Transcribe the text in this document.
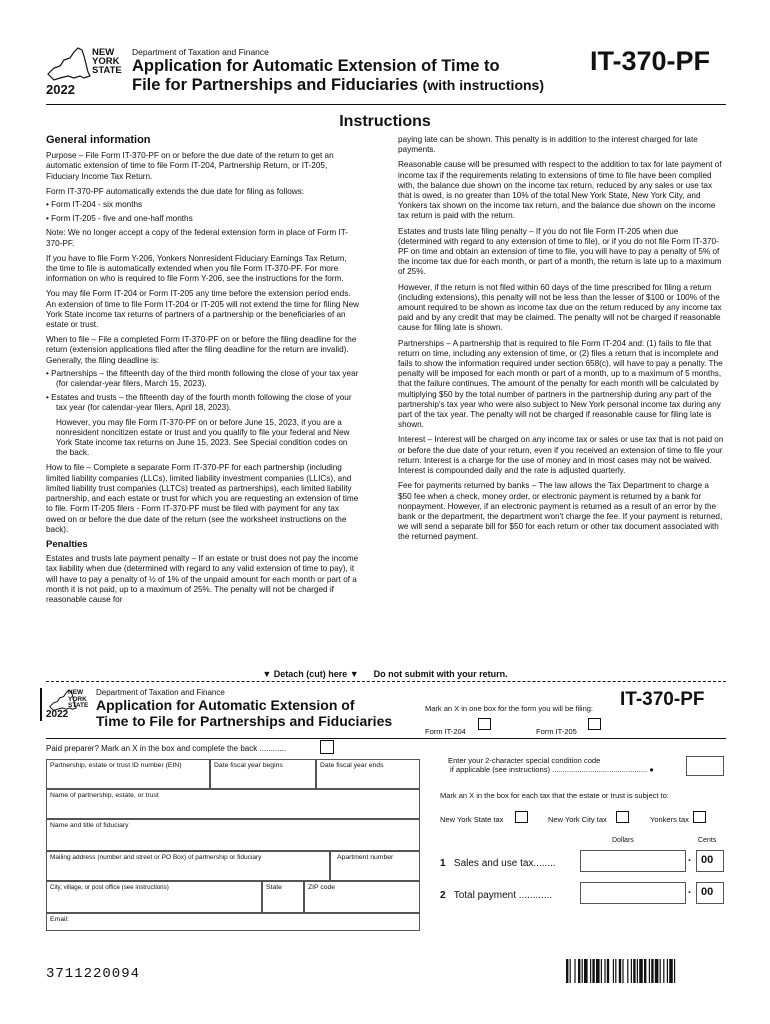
NEW YORK STATE
2022
Department of Taxation and Finance
Application for Automatic Extension of Time to
File for Partnerships and Fiduciaries (with instructions)
IT-370-PF
Instructions
General information

Purpose – File Form IT-370-PF on or before the due date of the return to get an automatic extension of time to file Form IT-204, Partnership Return, or IT-205, Fiduciary Income Tax Return.

Form IT-370-PF automatically extends the due date for filing as follows:

• Form IT-204 - six months
• Form IT-205 - five and one-half months

Note: We no longer accept a copy of the federal extension form in place of Form IT-370-PF.

If you have to file Form Y-206, Yonkers Nonresident Fiduciary Earnings Tax Return, the time to file is automatically extended when you file Form IT-370-PF. For more information on who is required to file Form Y-206, see the instructions for the form.

You may file Form IT-204 or Form IT-205 any time before the extension period ends. An extension of time to file Form IT-204 or IT-205 will not extend the time for filing New York State income tax returns of partners of a partnership or the beneficiaries of an estate or trust.

When to file – File a completed Form IT-370-PF on or before the filing deadline for the return (extension applications filed after the filing deadline for the return are invalid). Generally, the filing deadline is:

• Partnerships – the fifteenth day of the third month following the close of your tax year (for calendar-year filers, March 15, 2023).
• Estates and trusts – the fifteenth day of the fourth month following the close of your tax year (for calendar-year filers, April 18, 2023).

However, you may file Form IT-370-PF on or before June 15, 2023, if you are a nonresident noncitizen estate or trust and you qualify to file your federal and New York State income tax returns on June 15, 2023. See Special condition codes on the back.

How to file – Complete a separate Form IT-370-PF for each partnership (including limited liability companies (LLCs), limited liability investment companies (LLICs), and limited liability trust companies (LLTCs) treated as partnerships), each limited liability partnership, and each estate or trust for which you are requesting an extension of time to file. Form IT-205 filers - Form IT-370-PF must be filed with payment for any tax owed on or before the due date of the return (see the worksheet instructions on the back).

Penalties

Estates and trusts late payment penalty – If an estate or trust does not pay the income tax liability when due (determined with regard to any valid extension of time to pay), it will have to pay a penalty of ½ of 1% of the unpaid amount for each month or part of a month it is not paid, up to a maximum of 25%. The penalty will not be charged if reasonable cause for

paying late can be shown. This penalty is in addition to the interest charged for late payments.

Reasonable cause will be presumed with respect to the addition to tax for late payment of income tax if the requirements relating to extensions of time to file have been complied with, the balance due shown on the income tax return, reduced by any sales or use tax that is owed, is no greater than 10% of the total New York State, New York City, and Yonkers tax shown on the income tax return, and the balance due shown on the income tax return is paid with the return.

Estates and trusts late filing penalty – If you do not file Form IT-205 when due (determined with regard to any extension of time to file), or if you do not file Form IT-370-PF on time and obtain an extension of time to file, you will have to pay a penalty of 5% of the income tax due for each month, or part of a month, the return is late up to a maximum of 25%.

However, if the return is not filed within 60 days of the time prescribed for filing a return (including extensions), this penalty will not be less than the lesser of $100 or 100% of the amount required to be shown as income tax due on the return reduced by any income tax paid and by any credit that may be claimed. The penalty will not be charged if reasonable cause for filing late is shown.

Partnerships – A partnership that is required to file Form IT-204 and: (1) fails to file that return on time, including any extension of time, or (2) files a return that is incomplete and fails to show the information required under section 658(c), will have to pay a penalty. The penalty will be imposed for each month or part of a month, up to a maximum of 5 months, that the failure continues. The amount of the penalty for each month will be calculated by multiplying $50 by the total number of partners in the partnership during any part of the partnership's tax year who were also subject to New York personal income tax during any part of the tax year. The penalty will not be charged if reasonable cause for filing late is shown.

Interest – Interest will be charged on any income tax or sales or use tax that is not paid on or before the due date of your return, even if you received an extension of time to file your return. Interest is a charge for the use of money and in most cases may not be waived. Interest is compounded daily and the rate is adjusted quarterly.

Fee for payments returned by banks – The law allows the Tax Department to charge a $50 fee when a check, money order, or electronic payment is returned by a bank for nonpayment. However, if an electronic payment is returned as a result of an error by the bank or the department, the department won't charge the fee. If your payment is returned, we will send a separate bill for $50 for each return or other tax document associated with the returned payment.

▼ Detach (cut) here ▼ Do not submit with your return.
NEW YORK STATE
2022
Department of Taxation and Finance
Application for Automatic Extension of
Time to File for Partnerships and Fiduciaries
Mark an X in one box for the form you will be filing: IT-370-PF
Form IT-204	Form IT-205
Paid preparer? Mark an X in the box and complete the back ............
Partnership, estate or trust ID number (EIN)	Date fiscal year begins	Date fiscal year ends
Name of partnership, estate, or trust
Name and title of fiduciary
Mailing address (number and street or PO Box) of partnership or fiduciary	Apartment number
City, village, or post office (see instructions)	State	ZIP code
Email:
Enter your 2-character special condition code
if applicable (see instructions) ............................................. ●
Mark an X in the box for each tax that the estate or trust is subject to:
New York State tax	New York City tax	Yonkers tax
Dollars	Cents
1 Sales and use tax........	. 00
2 Total payment ............	. 00
3711220094
